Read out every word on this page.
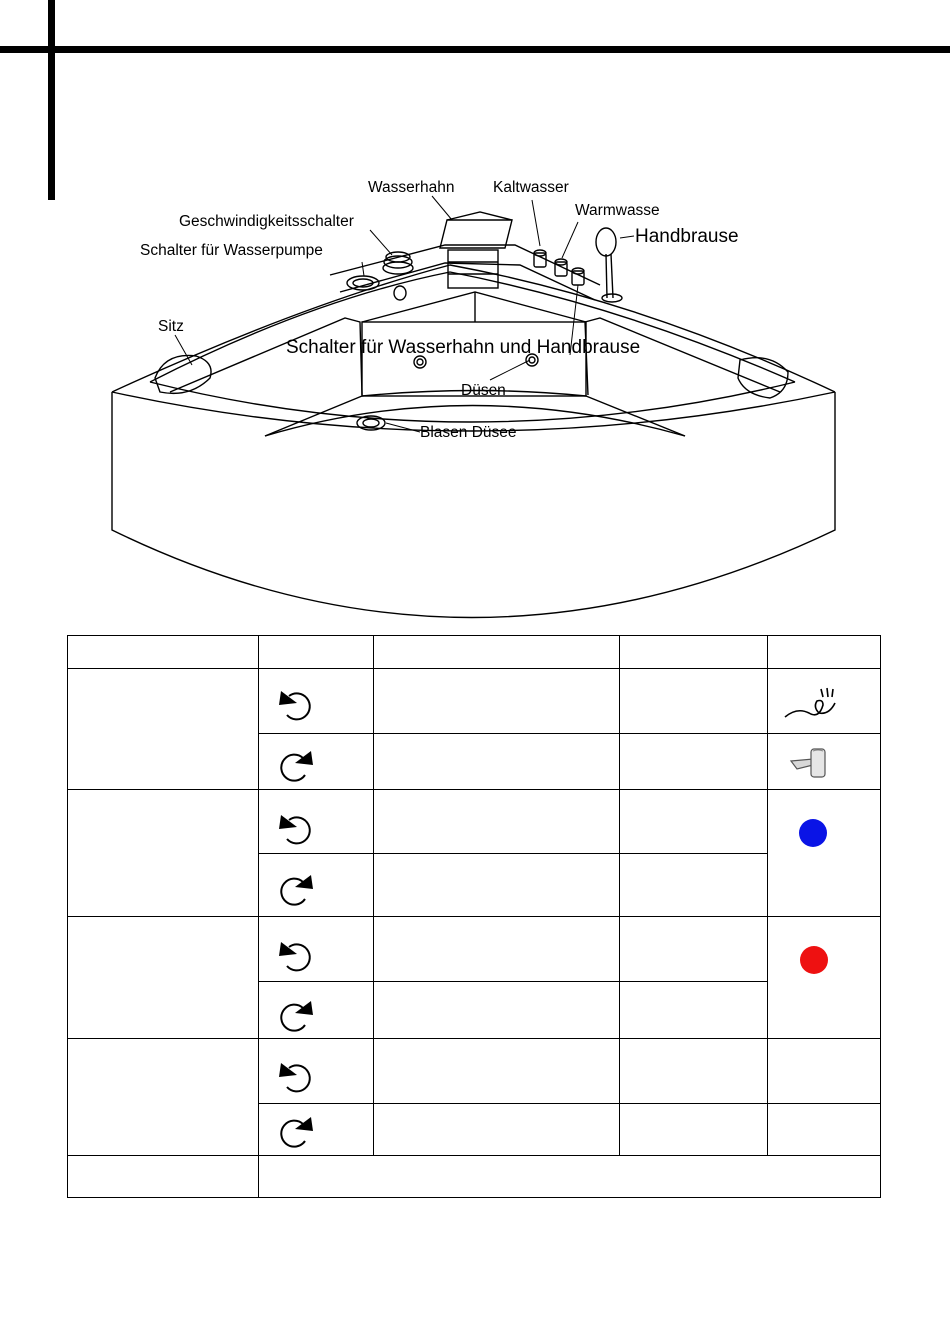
Wasserhahn Kaltwasser
Warmwasse
Geschwindigkeitsschalter
Schalter für Wasserpumpe
Handbrause
Sitz
Schalter für Wasserhahn und Handbrause
Düsen
Blasen Düsee
